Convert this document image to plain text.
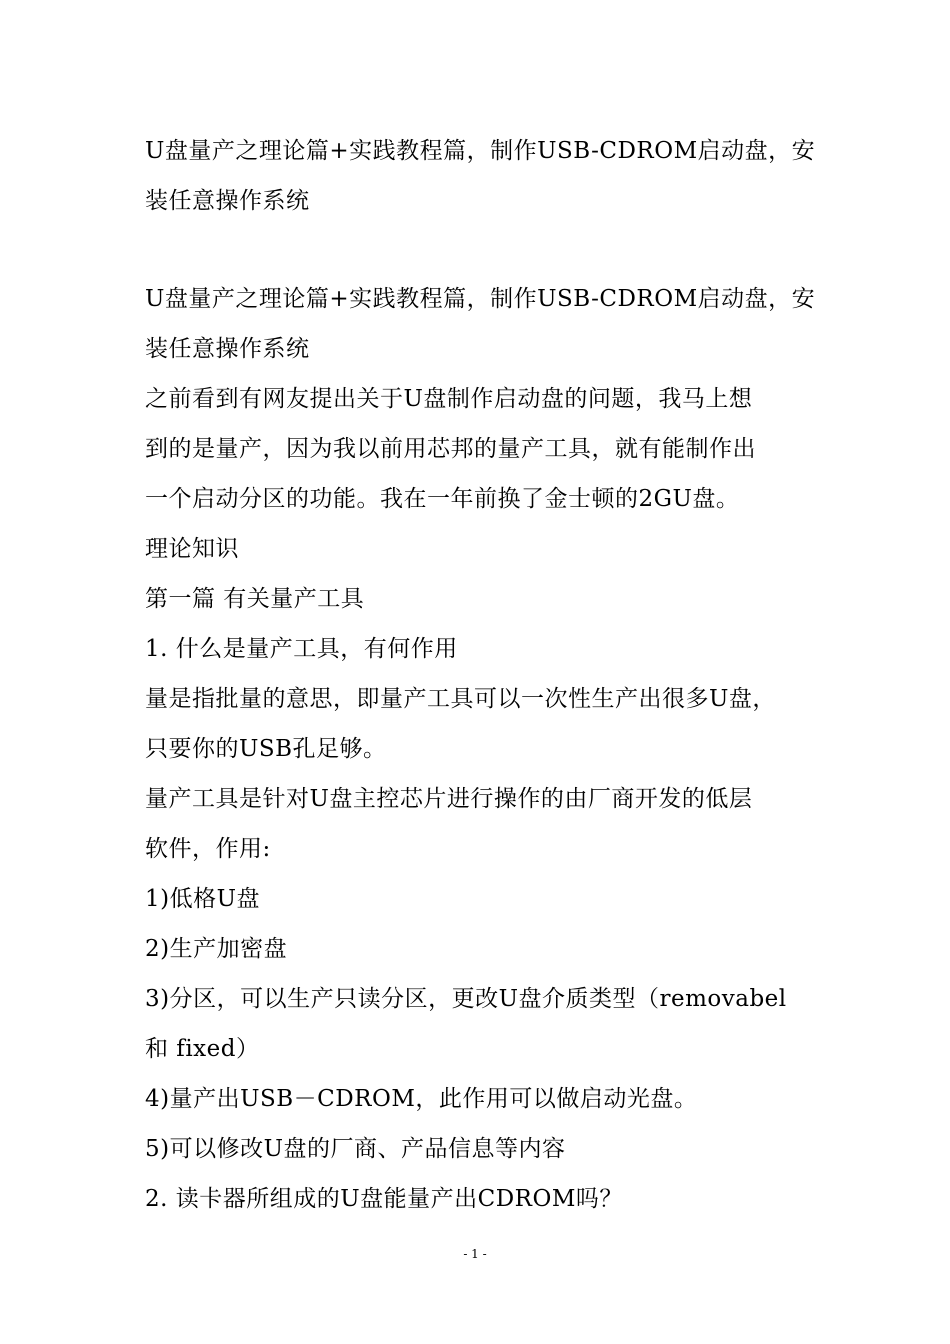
U盘量产之理论篇+实践教程篇，制作USB-CDROM启动盘，安
装任意操作系统
U盘量产之理论篇+实践教程篇，制作USB-CDROM启动盘，安
装任意操作系统
之前看到有网友提出关于U盘制作启动盘的问题，我马上想
到的是量产，因为我以前用芯邦的量产工具，就有能制作出
一个启动分区的功能。我在一年前换了金士顿的2GU盘。
理论知识
第一篇 有关量产工具
1. 什么是量产工具，有何作用
量是指批量的意思，即量产工具可以一次性生产出很多U盘，
只要你的USB孔足够。
量产工具是针对U盘主控芯片进行操作的由厂商开发的低层
软件，作用:
1)低格U盘
2)生产加密盘
3)分区，可以生产只读分区，更改U盘介质类型（removabel
和 fixed）
4)量产出USB－CDROM，此作用可以做启动光盘。
5)可以修改U盘的厂商、产品信息等内容
2. 读卡器所组成的U盘能量产出CDROM吗？
- 1 -
